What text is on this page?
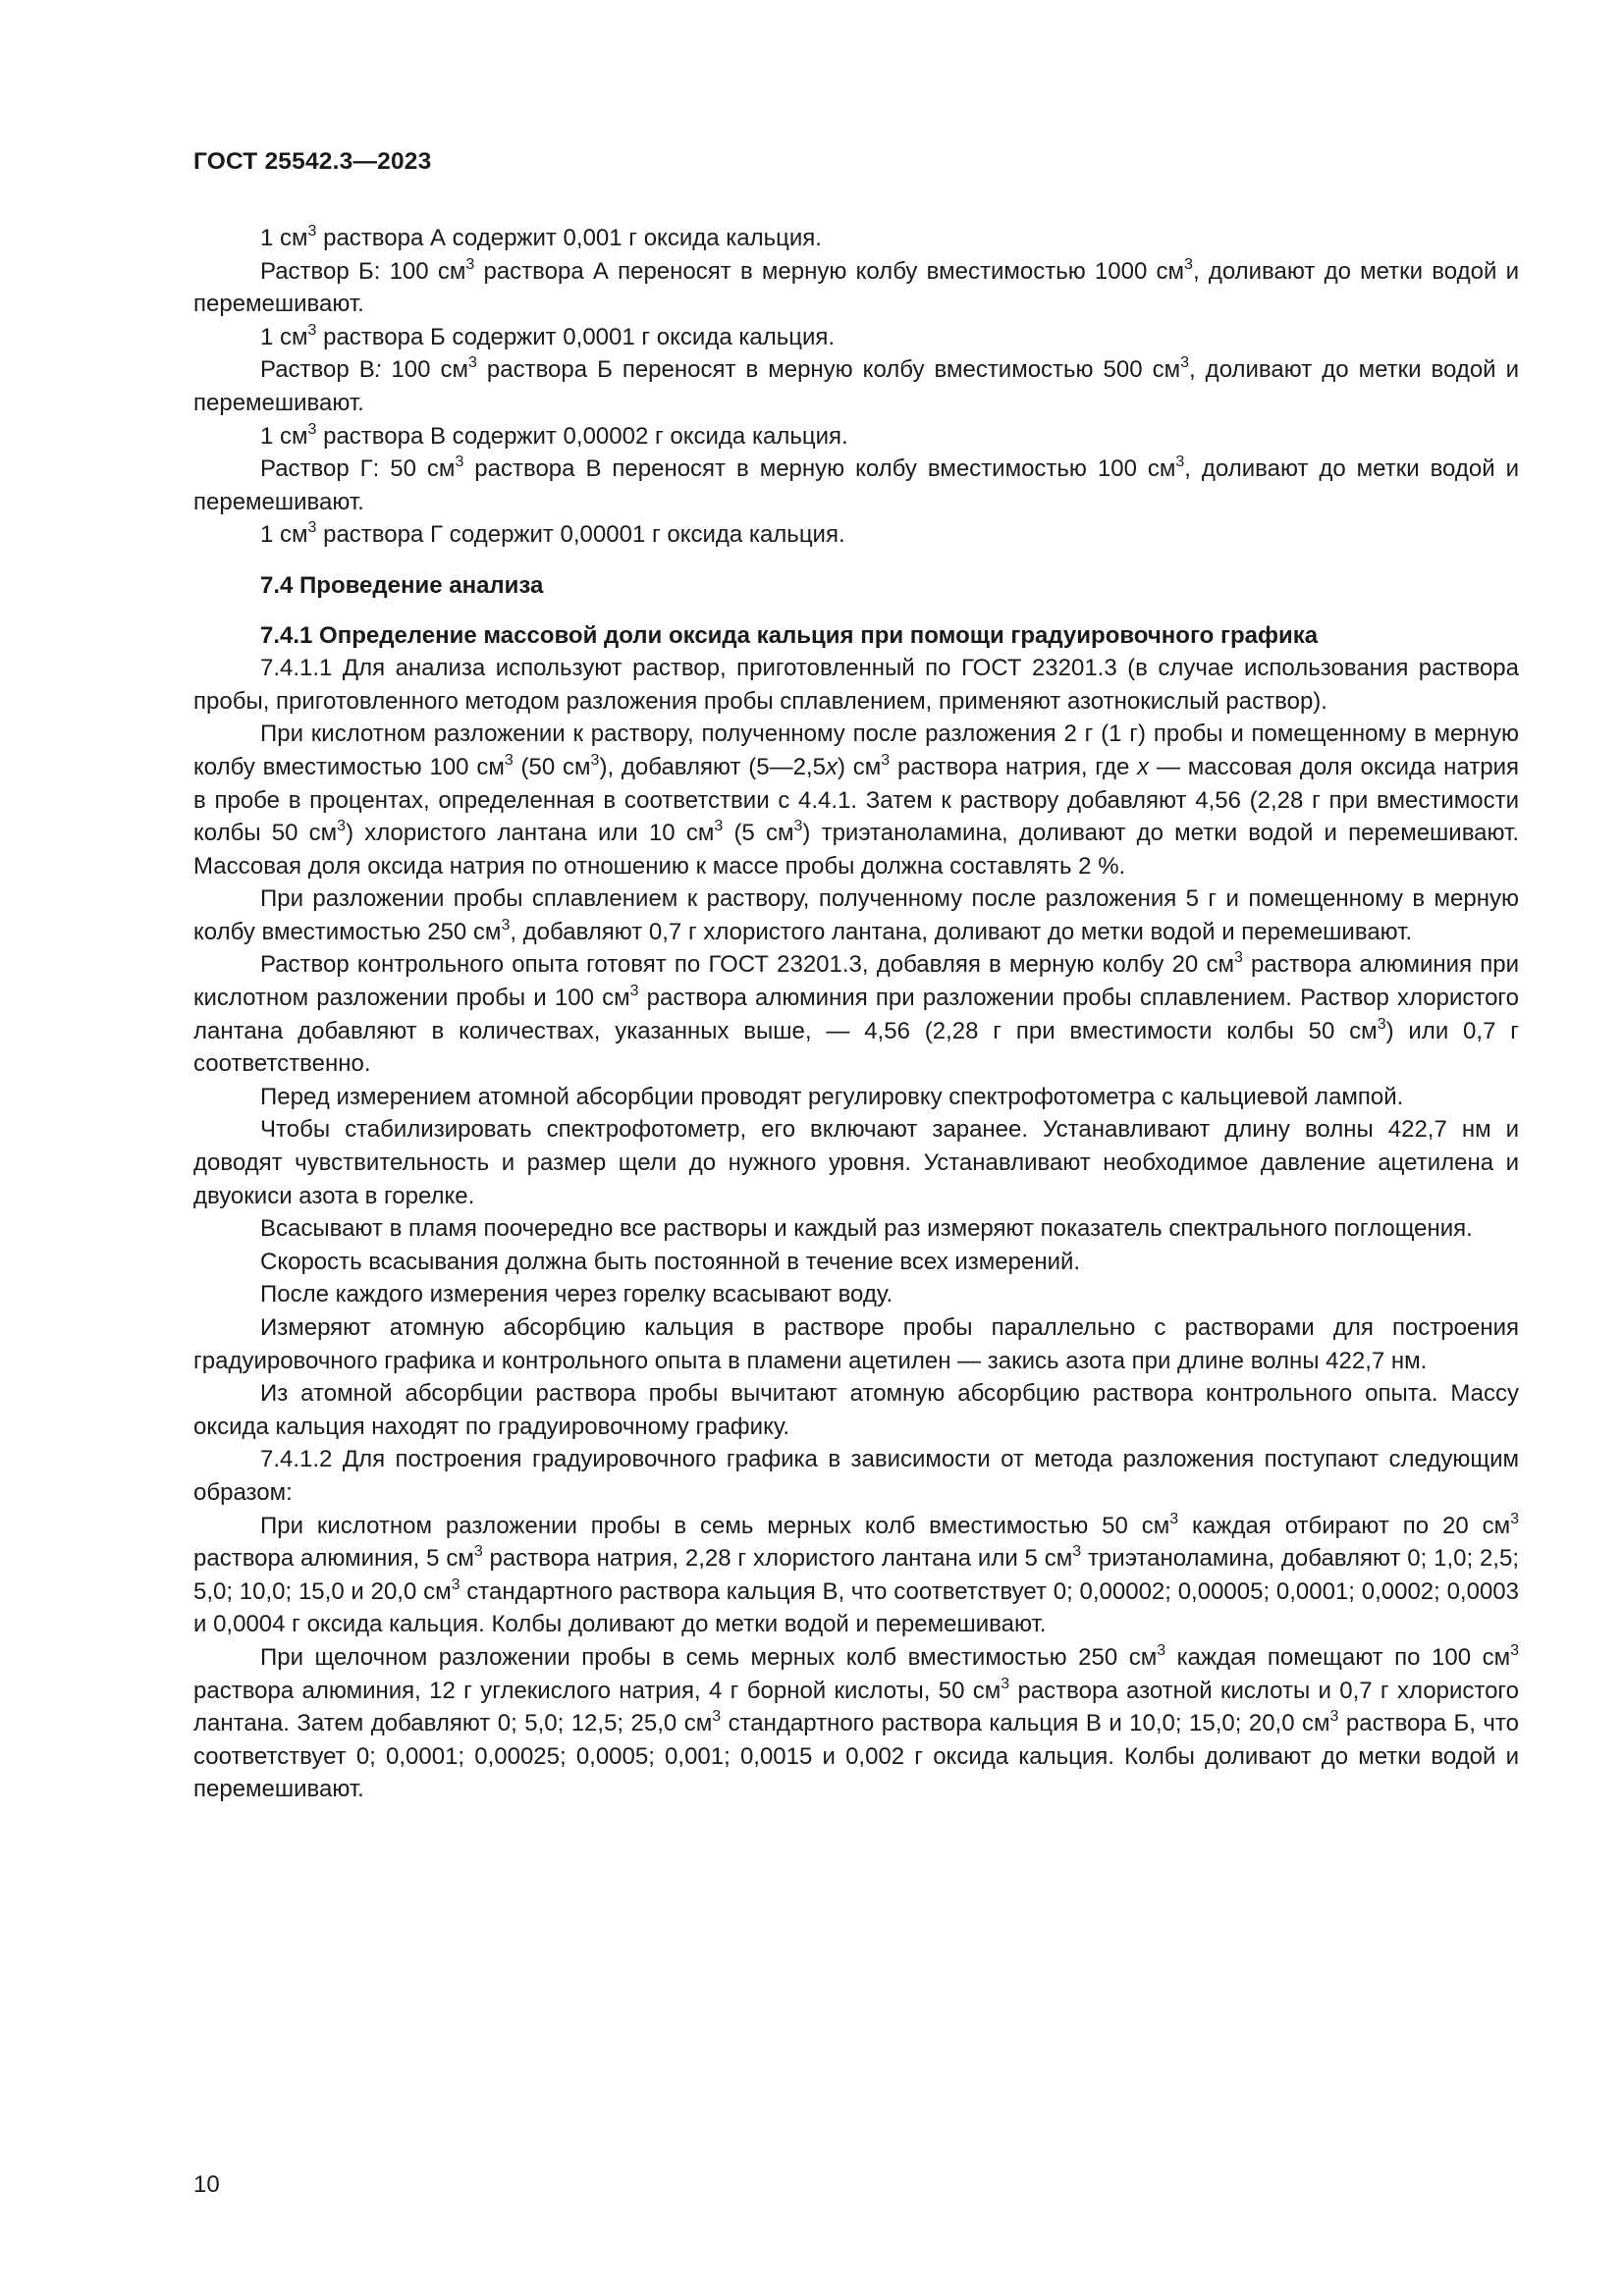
ГОСТ 25542.3—2023

1 $см^3$ раствора А содержит 0,001 г оксида кальция.

Раствор Б: 100 $см^3$ раствора А переносят в мерную колбу вместимостью 1000 $см^3$, доливают до метки водой и перемешивают.

1 $см^3$ раствора Б содержит 0,0001 г оксида кальция.

Раствор В: 100 $см^3$ раствора Б переносят в мерную колбу вместимостью 500 $см^3$, доливают до метки водой и перемешивают.

1 $см^3$ раствора В содержит 0,00002 г оксида кальция.

Раствор Г: 50 $см^3$ раствора В переносят в мерную колбу вместимостью 100 $см^3$, доливают до метки водой и перемешивают.

1 $см^3$ раствора Г содержит 0,00001 г оксида кальция.

7.4 Проведение анализа

7.4.1 Определение массовой доли оксида кальция при помощи градуировочного графика

7.4.1.1 Для анализа используют раствор, приготовленный по ГОСТ 23201.3 (в случае использования раствора пробы, приготовленного методом разложения пробы сплавлением, применяют азотнокислый раствор).

При кислотном разложении к раствору, полученному после разложения 2 г (1 г) пробы и помещенному в мерную колбу вместимостью 100 $см^3$ (50 $см^3$), добавляют (5—2,5x) $см^3$ раствора натрия, где x — массовая доля оксида натрия в пробе в процентах, определенная в соответствии с 4.4.1. Затем к раствору добавляют 4,56 (2,28 г при вместимости колбы 50 $см^3$) хлористого лантана или 10 $см^3$ (5 $см^3$) триэтаноламина, доливают до метки водой и перемешивают. Массовая доля оксида натрия по отношению к массе пробы должна составлять 2 %.

При разложении пробы сплавлением к раствору, полученному после разложения 5 г и помещенному в мерную колбу вместимостью 250 $см^3$, добавляют 0,7 г хлористого лантана, доливают до метки водой и перемешивают.

Раствор контрольного опыта готовят по ГОСТ 23201.3, добавляя в мерную колбу 20 $см^3$ раствора алюминия при кислотном разложении пробы и 100 $см^3$ раствора алюминия при разложении пробы сплавлением. Раствор хлористого лантана добавляют в количествах, указанных выше, — 4,56 (2,28 г при вместимости колбы 50 $см^3$) или 0,7 г соответственно.

Перед измерением атомной абсорбции проводят регулировку спектрофотометра с кальциевой лампой.

Чтобы стабилизировать спектрофотометр, его включают заранее. Устанавливают длину волны 422,7 нм и доводят чувствительность и размер щели до нужного уровня. Устанавливают необходимое давление ацетилена и двуокиси азота в горелке.

Всасывают в пламя поочередно все растворы и каждый раз измеряют показатель спектрального поглощения.

Скорость всасывания должна быть постоянной в течение всех измерений.

После каждого измерения через горелку всасывают воду.

Измеряют атомную абсорбцию кальция в растворе пробы параллельно с растворами для построения градуировочного графика и контрольного опыта в пламени ацетилен — закись азота при длине волны 422,7 нм.

Из атомной абсорбции раствора пробы вычитают атомную абсорбцию раствора контрольного опыта. Массу оксида кальция находят по градуировочному графику.

7.4.1.2 Для построения градуировочного графика в зависимости от метода разложения поступают следующим образом:

При кислотном разложении пробы в семь мерных колб вместимостью 50 $см^3$ каждая отбирают по 20 $см^3$ раствора алюминия, 5 $см^3$ раствора натрия, 2,28 г хлористого лантана или 5 $см^3$ триэтаноламина, добавляют 0; 1,0; 2,5; 5,0; 10,0; 15,0 и 20,0 $см^3$ стандартного раствора кальция В, что соответствует 0; 0,00002; 0,00005; 0,0001; 0,0002; 0,0003 и 0,0004 г оксида кальция. Колбы доливают до метки водой и перемешивают.

При щелочном разложении пробы в семь мерных колб вместимостью 250 $см^3$ каждая помещают по 100 $см^3$ раствора алюминия, 12 г углекислого натрия, 4 г борной кислоты, 50 $см^3$ раствора азотной кислоты и 0,7 г хлористого лантана. Затем добавляют 0; 5,0; 12,5; 25,0 $см^3$ стандартного раствора кальция В и 10,0; 15,0; 20,0 $см^3$ раствора Б, что соответствует 0; 0,0001; 0,00025; 0,0005; 0,001; 0,0015 и 0,002 г оксида кальция. Колбы доливают до метки водой и перемешивают.

10
